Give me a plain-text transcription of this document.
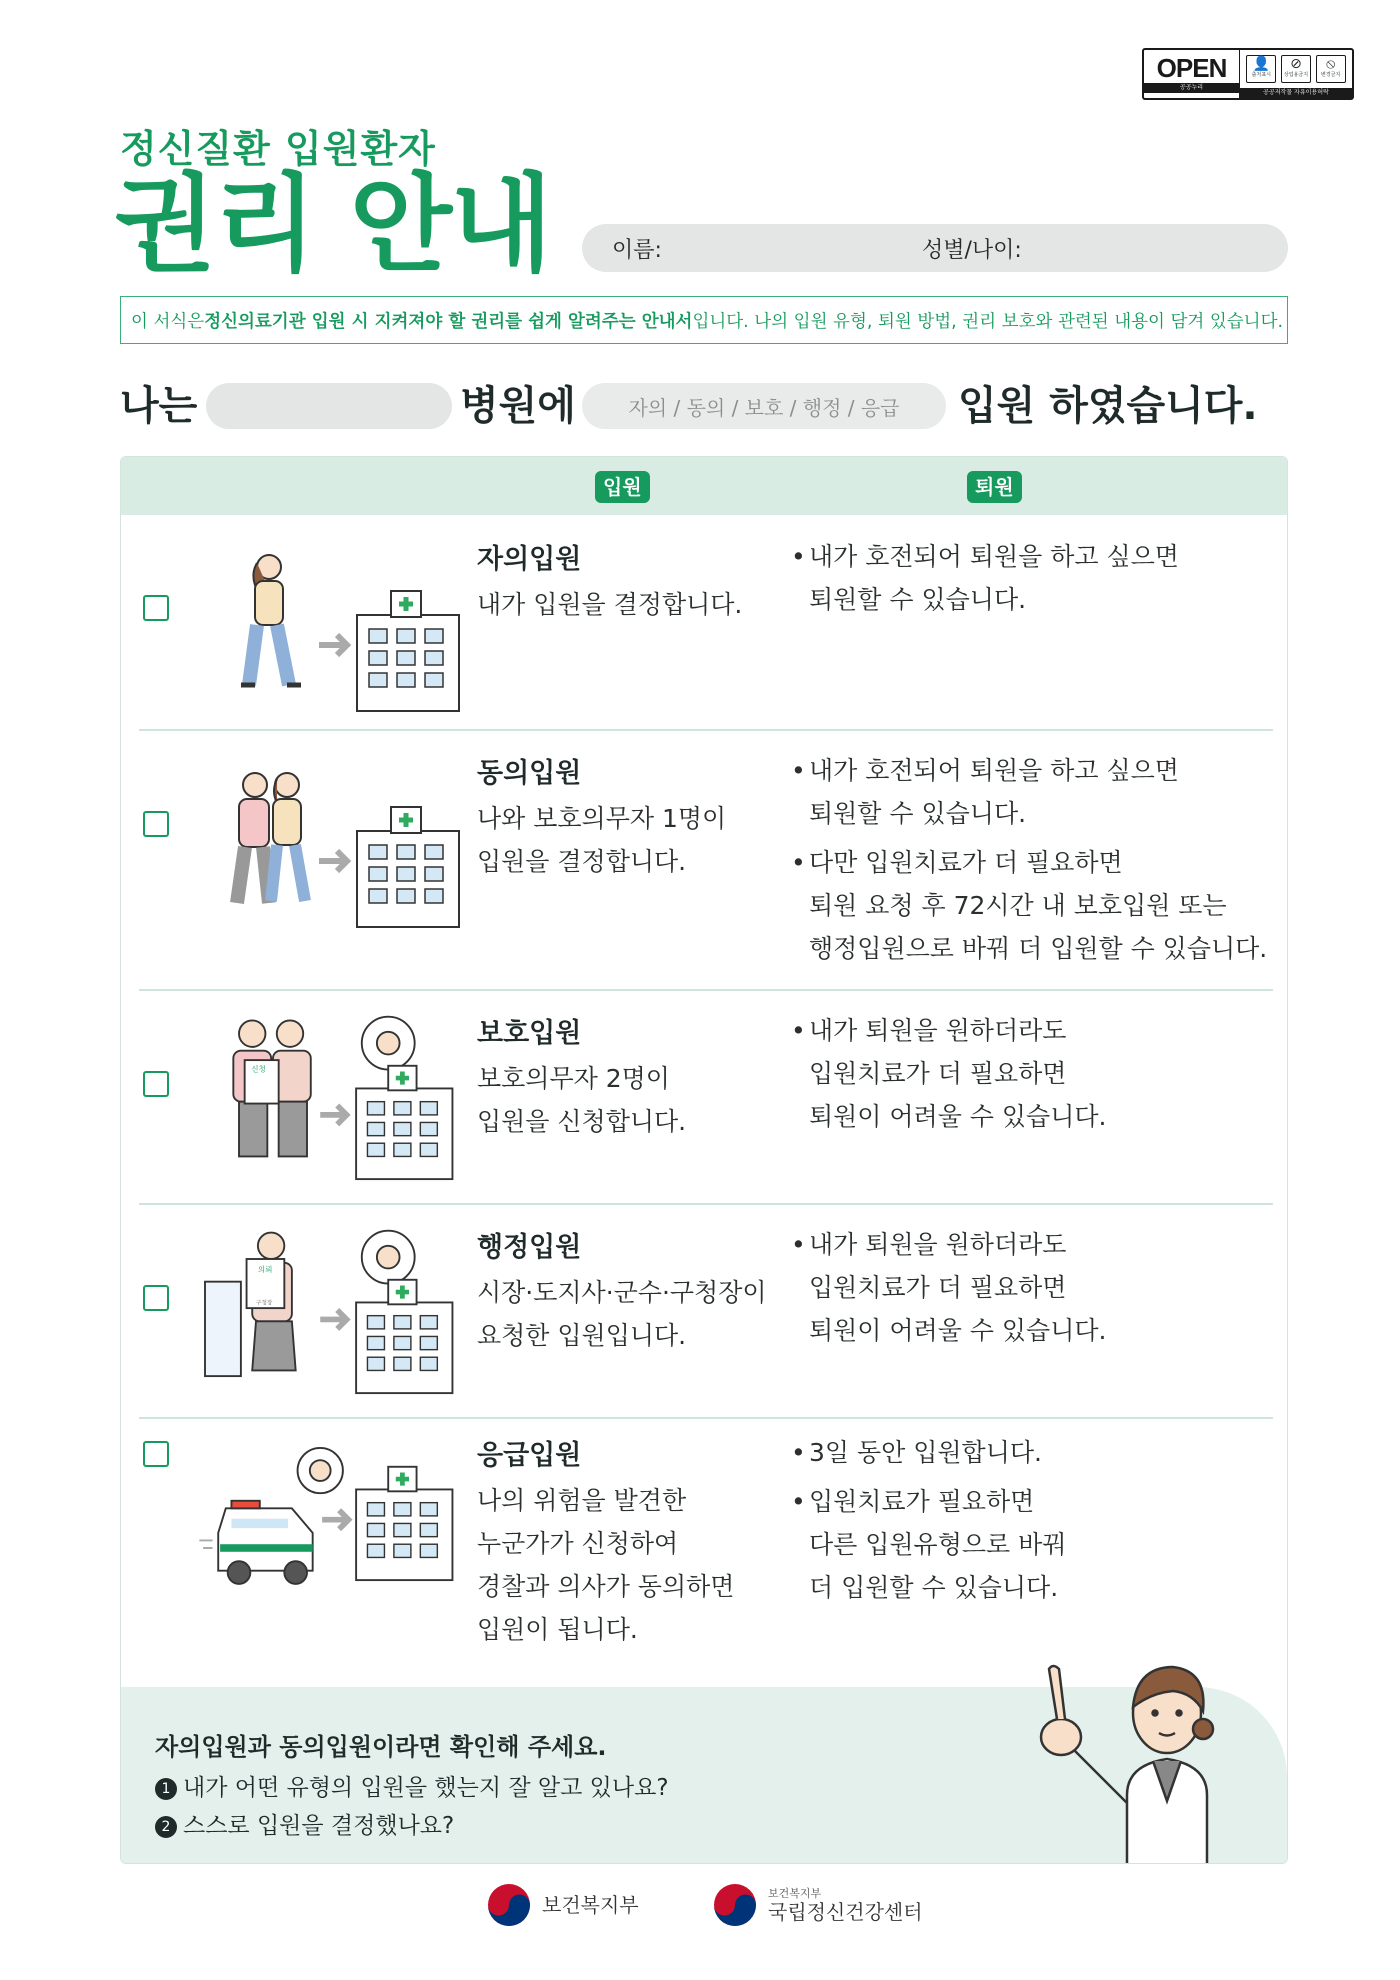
OPEN
공공누리
👤
출처표시
⊘
상업용금지
⦸
변경금지
공공저작물 자유이용허락
정신질환 입원환자
권리 안내	이름:	성별/나이:
이 서식은 정신의료기관 입원 시 지켜져야 할 권리를 쉽게 알려주는 안내서 입니다. 나의 입원 유형, 퇴원 방법, 권리 보호와 관련된 내용이 담겨 있습니다.
나는	병원에	자의 / 동의 / 보호 / 행정 / 응급	입원 하였습니다.
입원	퇴원
자의입원
내가 입원을 결정합니다.
• 내가 호전되어 퇴원을 하고 싶으면
퇴원할 수 있습니다.
동의입원
나와 보호의무자 1명이
입원을 결정합니다.
• 내가 호전되어 퇴원을 하고 싶으면
퇴원할 수 있습니다.
• 다만 입원치료가 더 필요하면
퇴원 요청 후 72시간 내 보호입원 또는
행정입원으로 바꿔 더 입원할 수 있습니다.
신청
보호입원
보호의무자 2명이
입원을 신청합니다.
• 내가 퇴원을 원하더라도
입원치료가 더 필요하면
퇴원이 어려울 수 있습니다.
의뢰
구청장
행정입원
시장·도지사·군수·구청장이
요청한 입원입니다.
• 내가 퇴원을 원하더라도
입원치료가 더 필요하면
퇴원이 어려울 수 있습니다.
응급입원
나의 위험을 발견한
누군가가 신청하여
경찰과 의사가 동의하면
입원이 됩니다.
• 3일 동안 입원합니다.
• 입원치료가 필요하면
다른 입원유형으로 바꿔
더 입원할 수 있습니다.
자의입원과 동의입원이라면 확인해 주세요.
1 내가 어떤 유형의 입원을 했는지 잘 알고 있나요?
2 스스로 입원을 결정했나요?
보건복지부	보건복지부
국립정신건강센터
